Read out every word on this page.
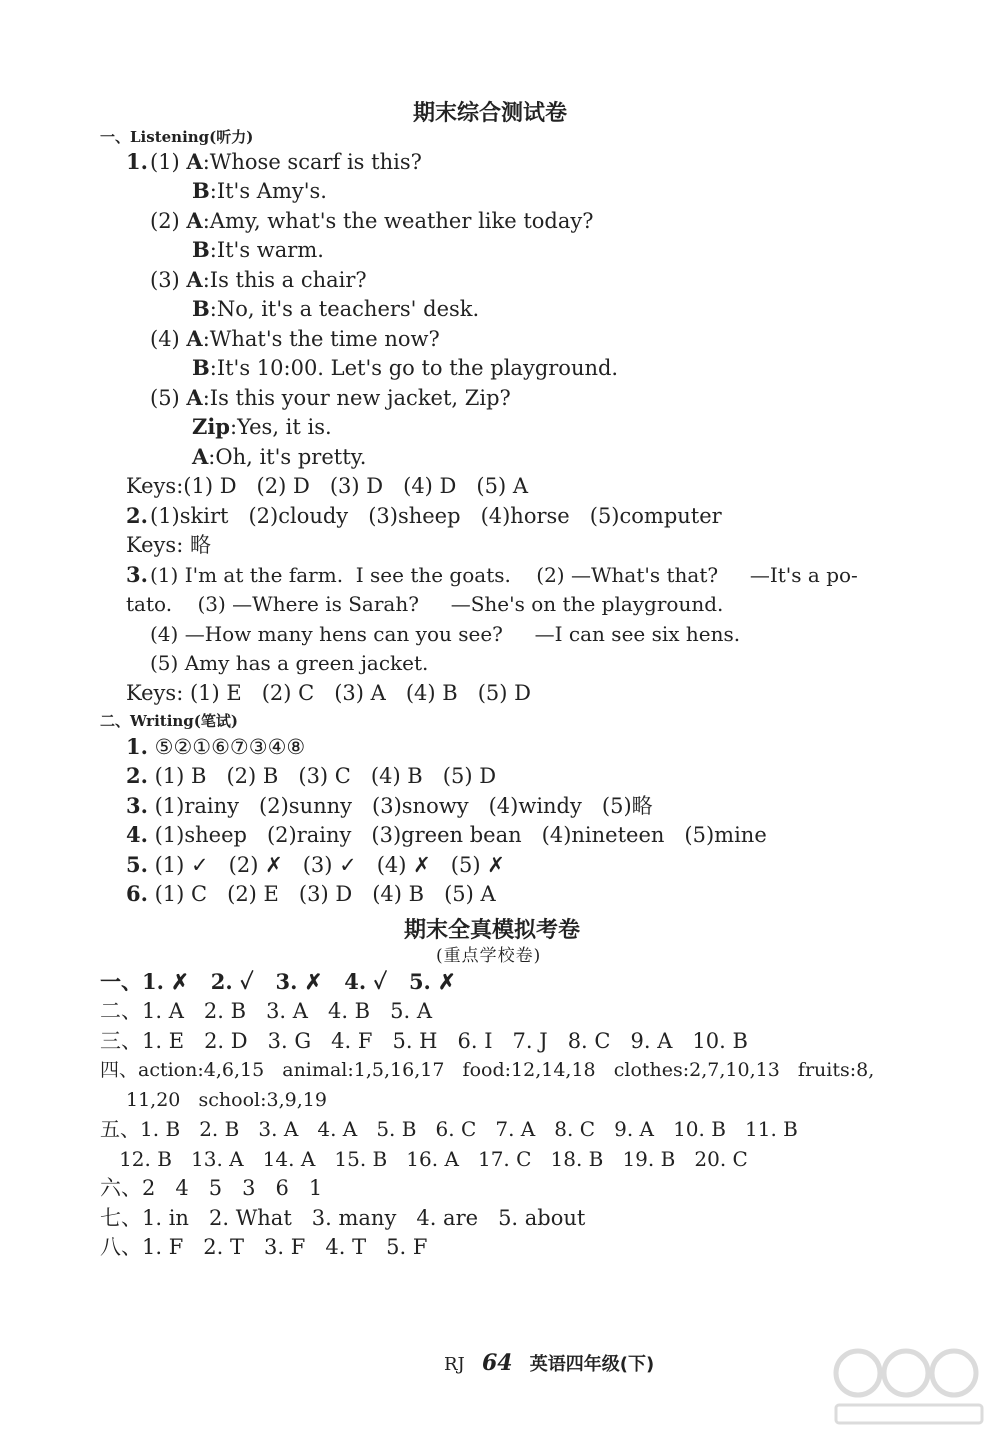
期末综合测试卷
一、Listening(听力)
1. (1) A:Whose scarf is this?
B:It's Amy's.
(2) A:Amy, what's the weather like today?
B:It's warm.
(3) A:Is this a chair?
B:No, it's a teachers' desk.
(4) A:What's the time now?
B:It's 10:00. Let's go to the playground.
(5) A:Is this your new jacket, Zip?
Zip:Yes, it is.
A:Oh, it's pretty.
Keys:(1) D   (2) D   (3) D   (4) D   (5) A
2. (1)skirt   (2)cloudy   (3)sheep   (4)horse   (5)computer
Keys: 略
3. (1) I'm at the farm.  I see the goats.    (2) —What's that?     —It's a po-
tato.    (3) —Where is Sarah?     —She's on the playground.
(4) —How many hens can you see?     —I can see six hens.
(5) Amy has a green jacket.
Keys: (1) E   (2) C   (3) A   (4) B   (5) D
二、Writing(笔试)
1. ⑤②①⑥⑦③④⑧
2. (1) B   (2) B   (3) C   (4) B   (5) D
3. (1)rainy   (2)sunny   (3)snowy   (4)windy   (5)略
4. (1)sheep   (2)rainy   (3)green bean   (4)nineteen   (5)mine
5. (1) ✓   (2) ✗   (3) ✓   (4) ✗   (5) ✗
6. (1) C   (2) E   (3) D   (4) B   (5) A
期末全真模拟考卷
(重点学校卷)
一、1. ✗   2. ✓   3. ✗   4. ✓   5. ✗
二、1. A   2. B   3. A   4. B   5. A
三、1. E   2. D   3. G   4. F   5. H   6. I   7. J   8. C   9. A   10. B
四、action:4,6,15   animal:1,5,16,17   food:12,14,18   clothes:2,7,10,13   fruits:8,
11,20   school:3,9,19
五、1. B   2. B   3. A   4. A   5. B   6. C   7. A   8. C   9. A   10. B   11. B
12. B   13. A   14. A   15. B   16. A   17. C   18. B   19. B   20. C
六、2   4   5   3   6   1
七、1. in   2. What   3. many   4. are   5. about
八、1. F   2. T   3. F   4. T   5. F
RJ 64 英语四年级(下)
